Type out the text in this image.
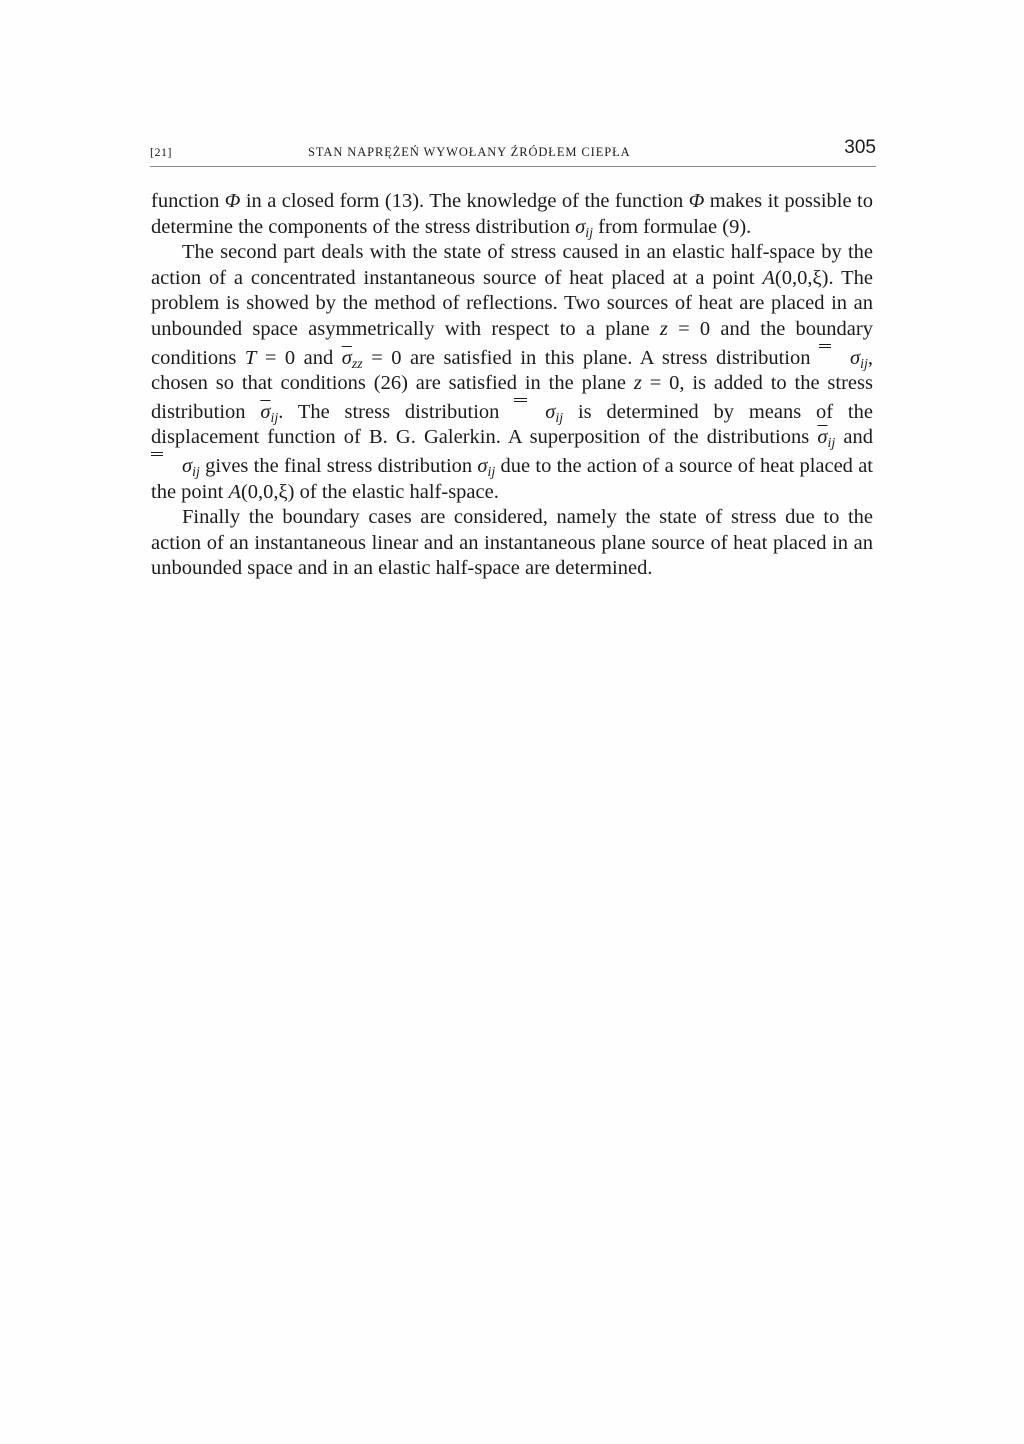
[21]	STAN NAPRĘŻEŃ WYWOŁANY ŹRÓDŁEM CIEPŁA	305

function Φ in a closed form (13). The knowledge of the function Φ makes it possible to determine the components of the stress distribution $\sigma_{ij}$ from formulae (9).

The second part deals with the state of stress caused in an elastic half-space by the action of a concentrated instantaneous source of heat placed at a point A(0,0,ξ). The problem is showed by the method of reflections. Two sources of heat are placed in an unbounded space asymmetrically with respect to a plane z = 0 and the boundary conditions T = 0 and $\overline{\sigma}_{zz} = 0$ are satisfied in this plane. A stress distribution $\sigma_{ij}$, chosen so that conditions (26) are satisfied in the plane z = 0, is added to the stress distribution $\overline{\sigma}_{ij}$. The stress distribution $\sigma_{ij}$ is determined by means of the displacement function of B. G. Galerkin. A superposition of the distributions $\overline{\sigma}_{ij}$ and $\sigma_{ij}$ gives the final stress distribution $\sigma_{ij}$ due to the action of a source of heat placed at the point A(0,0,ξ) of the elastic half-space.

Finally the boundary cases are considered, namely the state of stress due to the action of an instantaneous linear and an instantaneous plane source of heat placed in an unbounded space and in an elastic half-space are determined.
